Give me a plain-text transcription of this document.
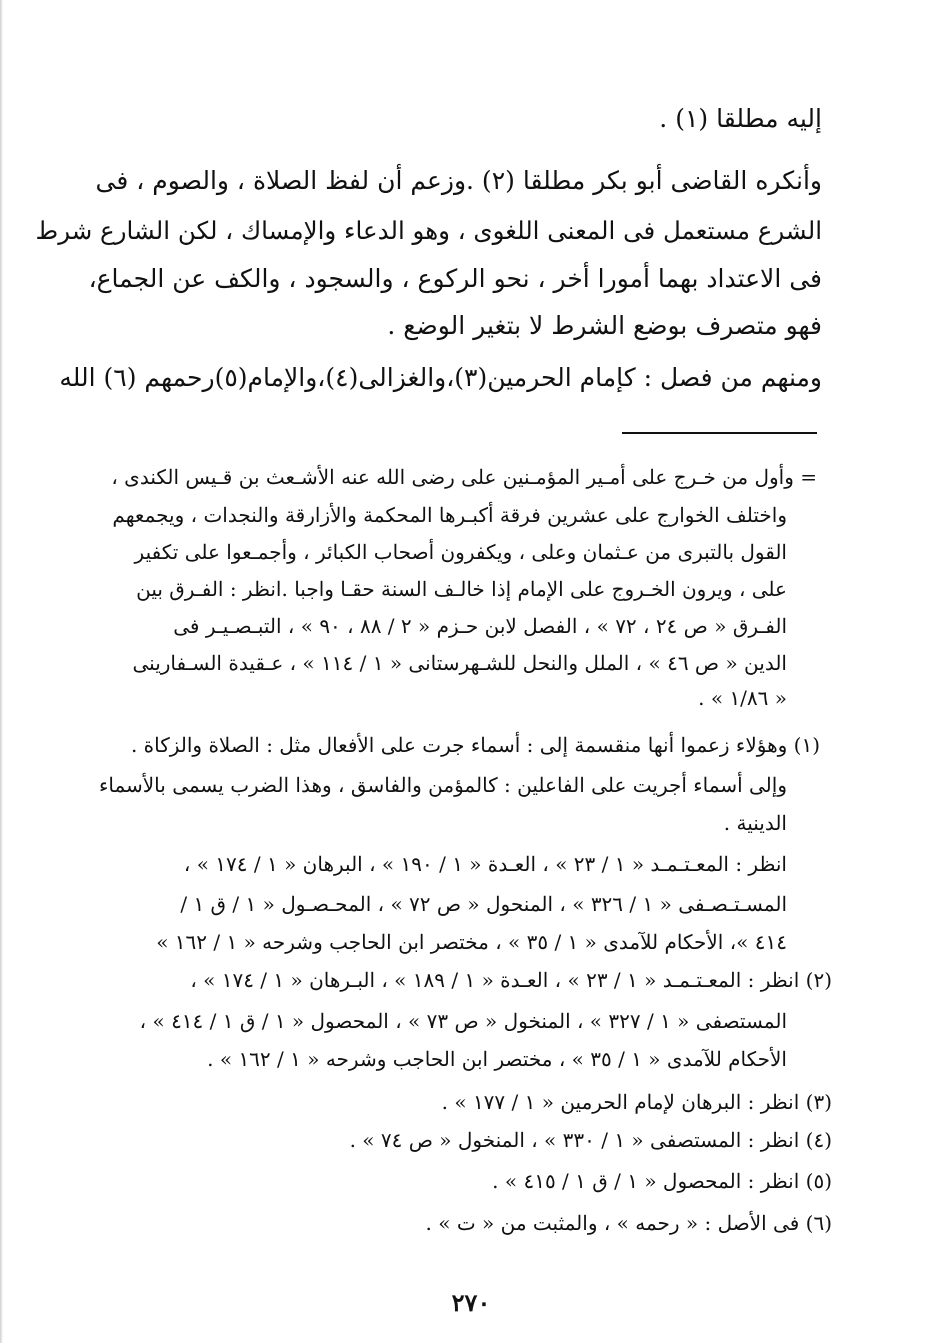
إليه مطلقا (١) .
وأنكره القاضى أبو بكر مطلقا (٢) .وزعم أن لفظ الصلاة ، والصوم ، فى
الشرع مستعمل فى المعنى اللغوى ، وهو الدعاء والإمساك ، لكن الشارع شرط
فى الاعتداد بهما أمورا أخر ، نحو الركوع ، والسجود ، والكف عن الجماع،
فهو متصرف بوضع الشرط لا بتغير الوضع .
ومنهم من فصل : كإمام الحرمين(٣)،والغزالى(٤)،والإمام(٥)رحمهم (٦) الله
= وأول من خـرج على أمـير المؤمـنين على رضى الله عنه الأشـعث بن قـيس الكندى ،
واختلف الخوارج على عشرين فرقة أكبـرها المحكمة والأزارقة والنجدات ، ويجمعهم
القول بالتبرى من عـثمان وعلى ، ويكفرون أصحاب الكبائر ، وأجمـعوا على تكفير
على ، ويرون الخـروج على الإمام إذا خالـف السنة حقـا واجبا .انظر : الفـرق بين
الفـرق « ص ٢٤ ، ٧٢ » ، الفصل لابن حـزم « ٢ / ٨٨ ، ٩٠ » ، التبـصـيـر فى
الدين « ص ٤٦ » ، الملل والنحل للشـهرستانى « ١ / ١١٤ » ، عـقيدة السـفارينى
« ١/٨٦ » .
(١) وهؤلاء زعموا أنها منقسمة إلى : أسماء جرت على الأفعال مثل : الصلاة والزكاة .
وإلى أسماء أجريت على الفاعلين : كالمؤمن والفاسق ، وهذا الضرب يسمى بالأسماء
الدينية .
انظر : المعـتـمـد « ١ / ٢٣ » ، العـدة « ١ / ١٩٠ » ، البرهان « ١ / ١٧٤ » ،
المسـتـصـفى « ١ / ٣٢٦ » ، المنحول « ص ٧٢ » ، المحـصـول « ١ / ق ١ /
٤١٤ »، الأحكام للآمدى « ١ / ٣٥ » ، مختصر ابن الحاجب وشرحه « ١ / ١٦٢ »
(٢) انظر : المعـتـمـد « ١ / ٢٣ » ، العـدة « ١ / ١٨٩ » ، البـرهان « ١ / ١٧٤ » ،
المستصفى « ١ / ٣٢٧ » ، المنخول « ص ٧٣ » ، المحصول « ١ / ق ١ / ٤١٤ » ،
الأحكام للآمدى « ١ / ٣٥ » ، مختصر ابن الحاجب وشرحه « ١ / ١٦٢ » .
(٣) انظر : البرهان لإمام الحرمين « ١ / ١٧٧ » .
(٤) انظر : المستصفى « ١ / ٣٣٠ » ، المنخول « ص ٧٤ » .
(٥) انظر : المحصول « ١ / ق ١ / ٤١٥ » .
(٦) فى الأصل : « رحمه » ، والمثبت من « ت » .
٢٧٠
